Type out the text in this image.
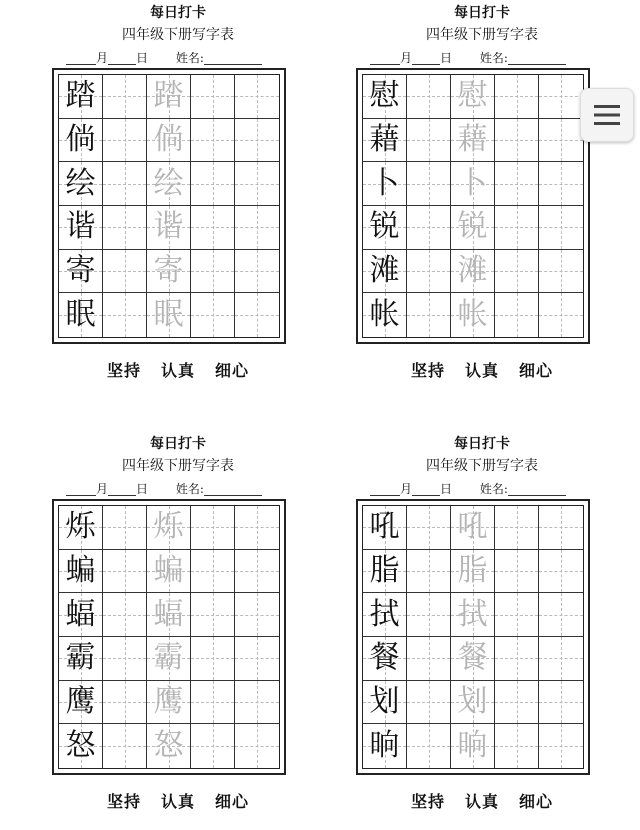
每日打卡
四年级下册写字表
月 日 姓名:
踏 踏
倘 倘
绘 绘
谐 谐
寄 寄
眠 眠
坚持 认真 细心
每日打卡
四年级下册写字表
月 日 姓名:
慰 慰
藉 藉
卜 卜
锐 锐
滩 滩
帐 帐
坚持 认真 细心
每日打卡
四年级下册写字表
月 日 姓名:
烁 烁
蝙 蝙
蝠 蝠
霸 霸
鹰 鹰
怒 怒
坚持 认真 细心
每日打卡
四年级下册写字表
月 日 姓名:
吼 吼
脂 脂
拭 拭
餐 餐
划 划
晌 晌
坚持 认真 细心
